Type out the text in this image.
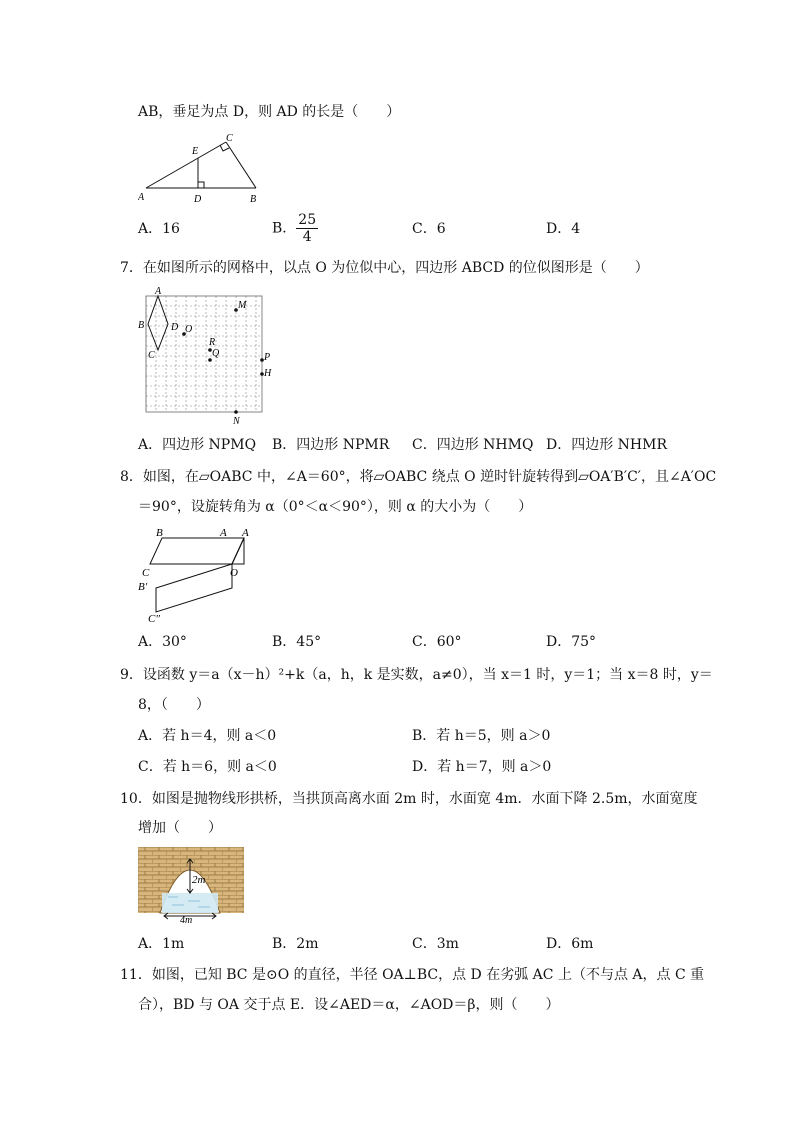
AB，垂足为点 D，则 AD 的长是（　　）
A	D	B
C
E
A．16	B． $\frac{25}{4}$	C．6	D．4
7．在如图所示的网格中，以点 O 为位似中心，四边形 ABCD 的位似图形是（　　）
A
B
C
D O
M
R
Q	P
H
N
A．四边形 NPMQ B．四边形 NPMR C．四边形 NHMQ D．四边形 NHMR
8．如图，在▱OABC 中，∠A＝60°，将▱OABC 绕点 O 逆时针旋转得到▱OA′B′C′，且∠A′OC
＝90°，设旋转角为 α（0°＜α＜90°），则 α 的大小为（　　）
B	A A
C	O
B′
C″
A．30°	B．45°	C．60°	D．75°
9．设函数 y＝a（x－h）²+k（a，h，k 是实数，a≠0），当 x＝1 时，y＝1；当 x＝8 时，y＝
8，（　　）
A．若 h＝4，则 a＜0	B．若 h＝5，则 a＞0
C．若 h＝6，则 a＜0	D．若 h＝7，则 a＞0
10．如图是抛物线形拱桥，当拱顶高离水面 2m 时，水面宽 4m．水面下降 2.5m，水面宽度
增加（　　）
2m
4m
A．1m	B．2m	C．3m	D．6m
11．如图，已知 BC 是⊙O 的直径，半径 OA⊥BC，点 D 在劣弧 AC 上（不与点 A，点 C 重
合），BD 与 OA 交于点 E．设∠AED＝α，∠AOD＝β，则（　　）
